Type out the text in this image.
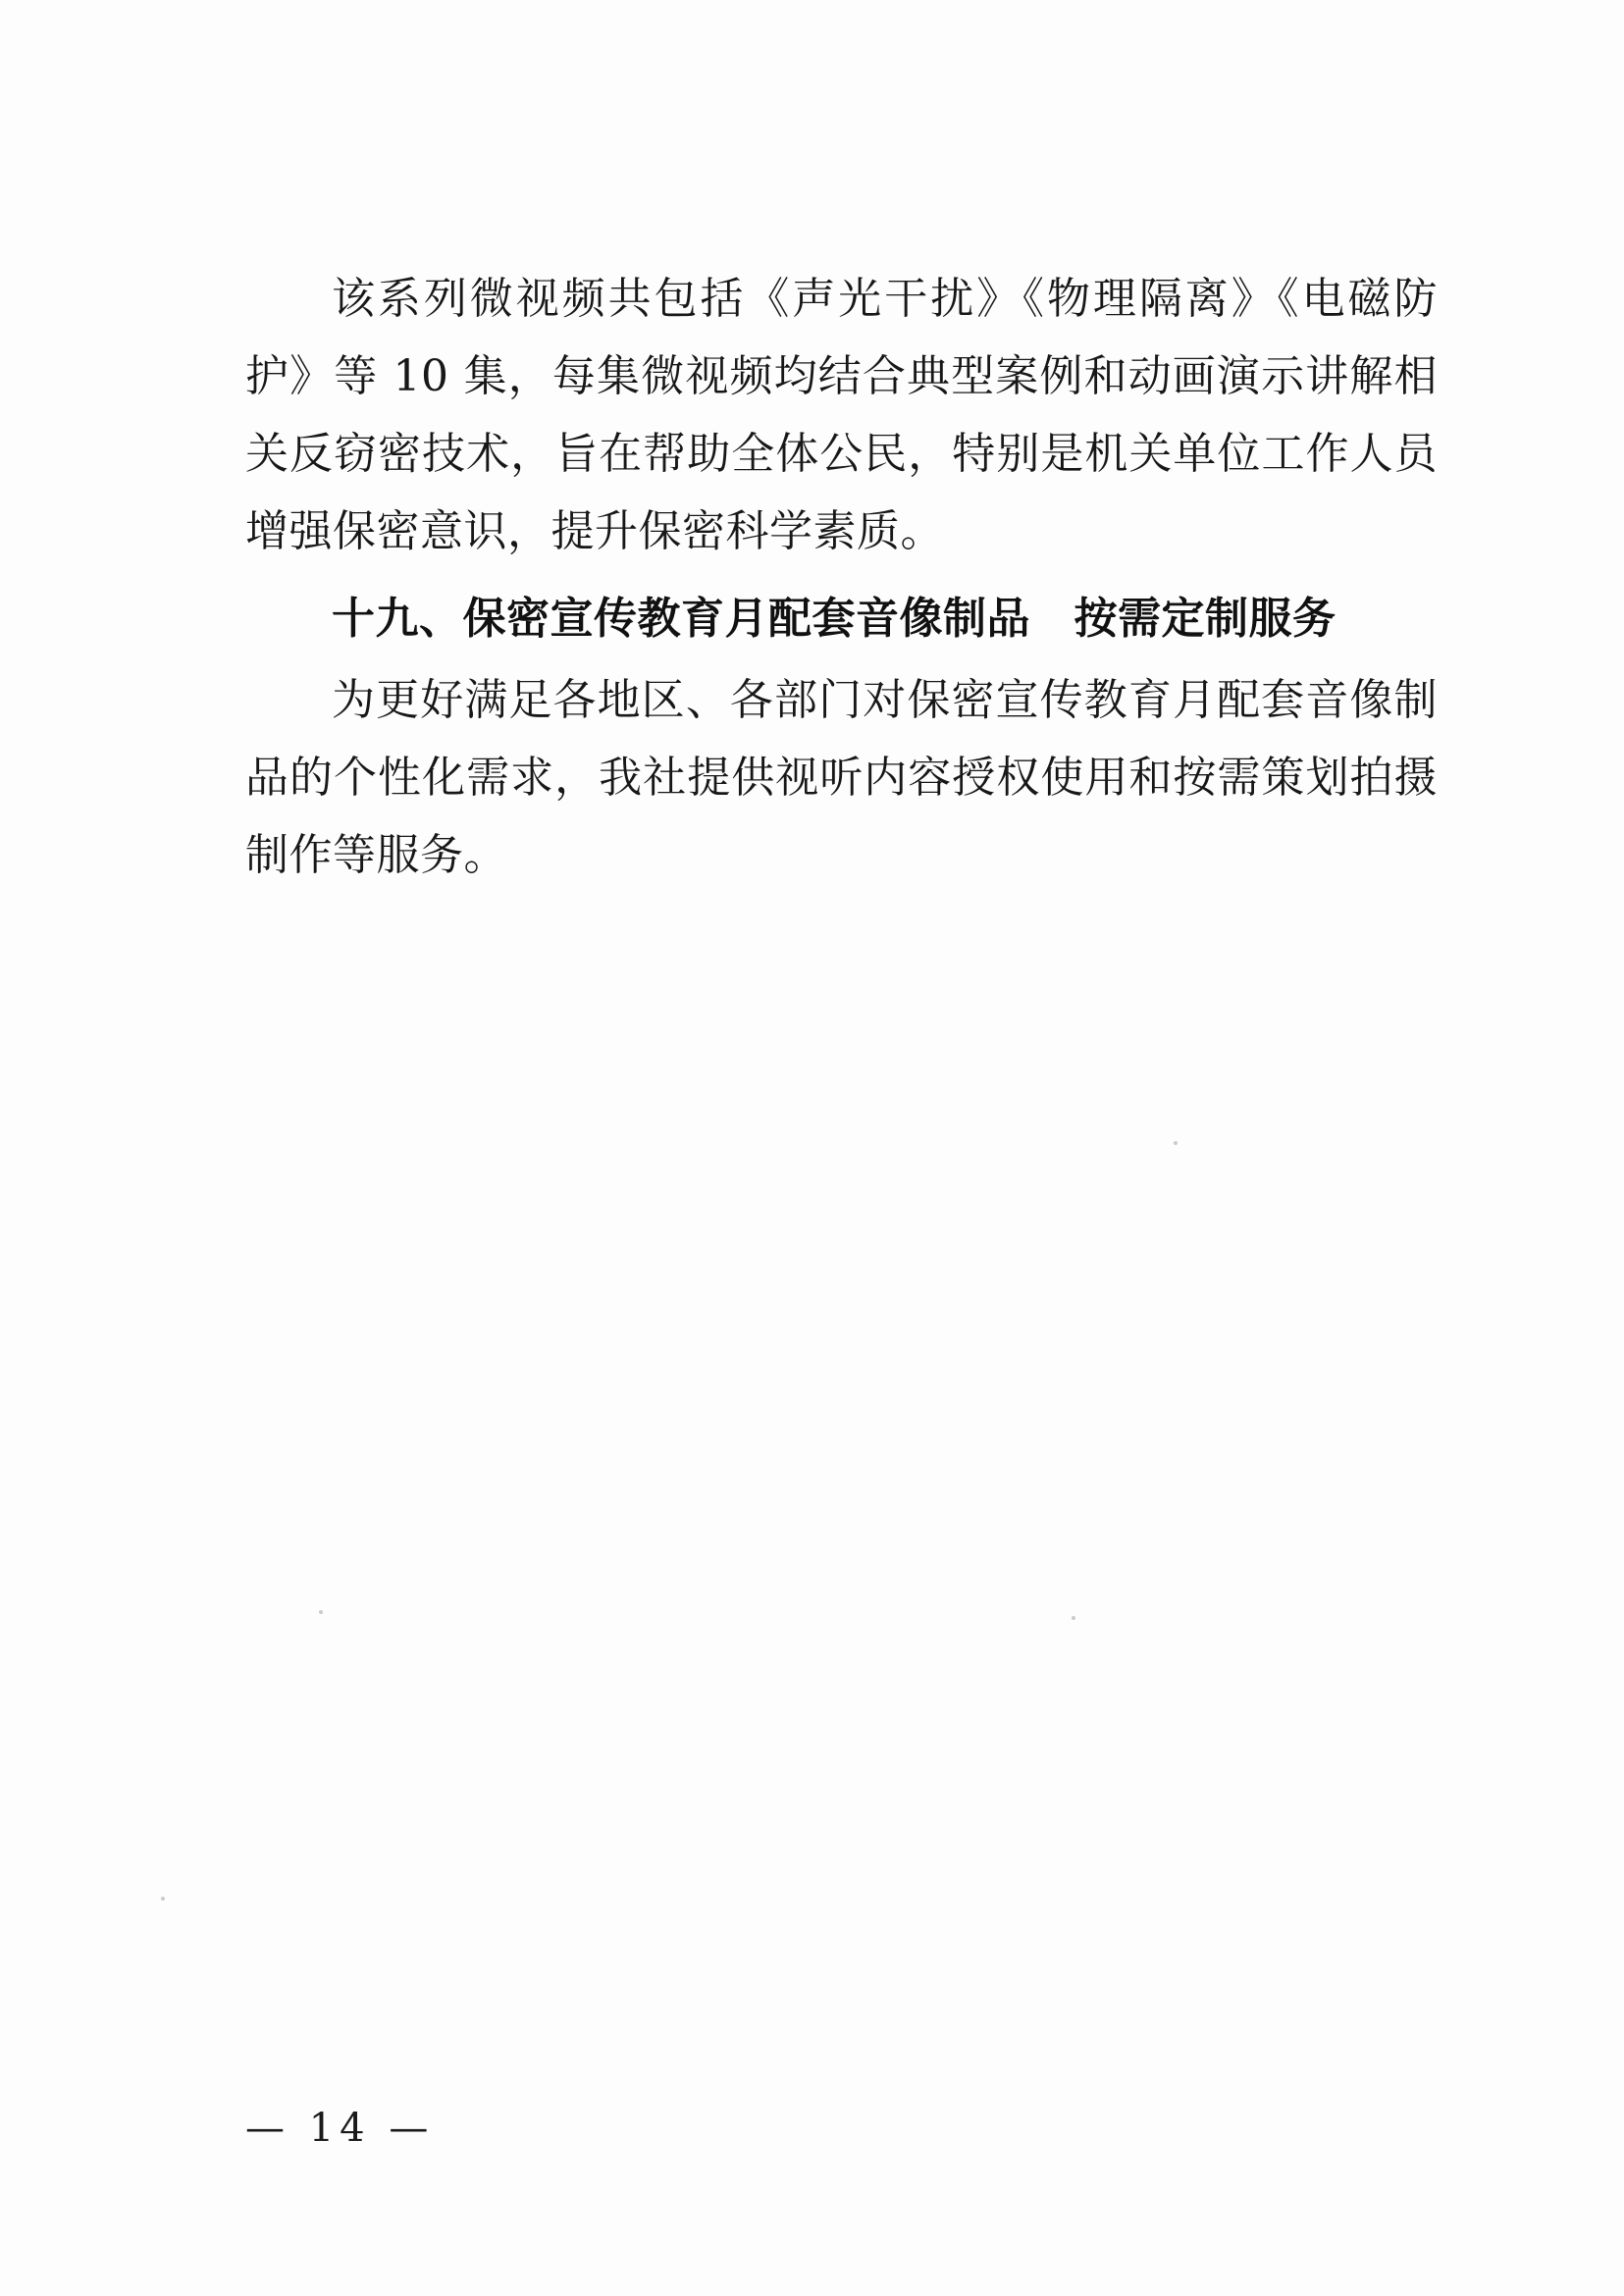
该系列微视频共包括《声光干扰》《物理隔离》《电磁防护》等 10 集，每集微视频均结合典型案例和动画演示讲解相关反窃密技术，旨在帮助全体公民，特别是机关单位工作人员增强保密意识，提升保密科学素质。

十九、保密宣传教育月配套音像制品　按需定制服务

为更好满足各地区、各部门对保密宣传教育月配套音像制品的个性化需求，我社提供视听内容授权使用和按需策划拍摄制作等服务。

— 14 —
